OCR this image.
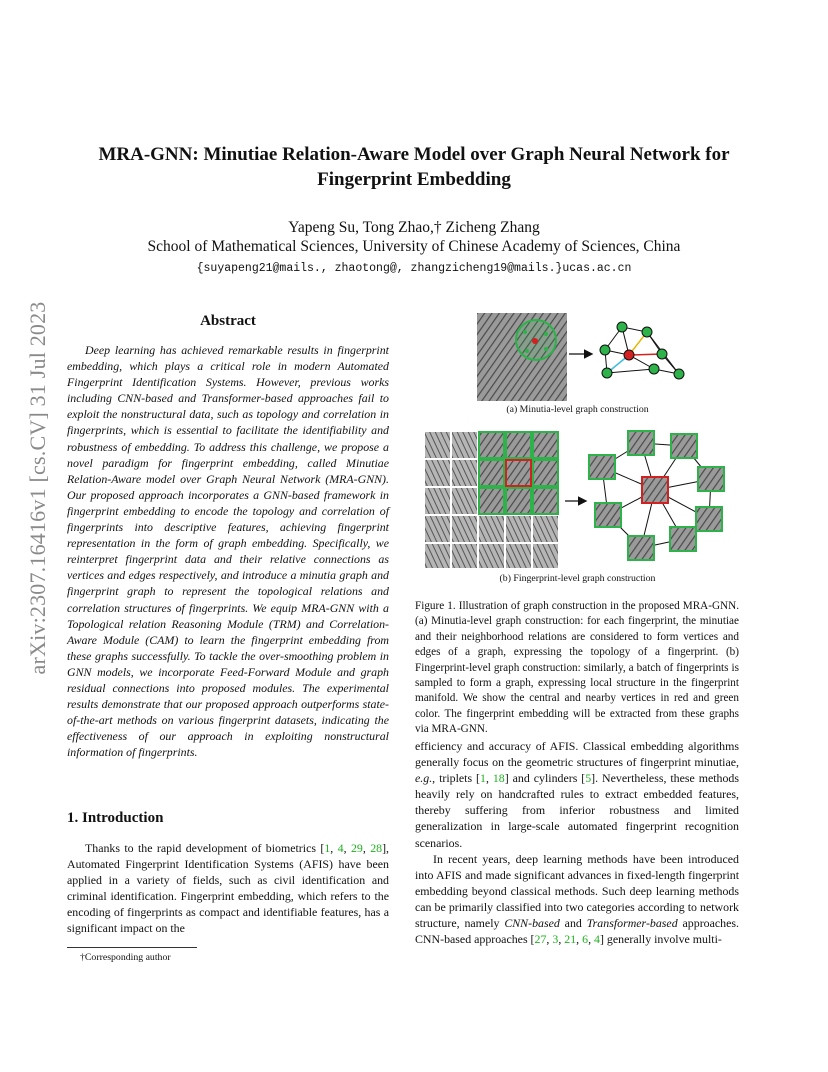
MRA-GNN: Minutiae Relation-Aware Model over Graph Neural Network for
Fingerprint Embedding
Yapeng Su, Tong Zhao,† Zicheng Zhang
School of Mathematical Sciences, University of Chinese Academy of Sciences, China
{suyapeng21@mails., zhaotong@, zhangzicheng19@mails.}ucas.ac.cn
arXiv:2307.16416v1 [cs.CV] 31 Jul 2023	Abstract

Deep learning has achieved remarkable results in fingerprint embedding, which plays a critical role in modern Automated Fingerprint Identification Systems. However, previous works including CNN-based and Transformer-based approaches fail to exploit the nonstructural data, such as topology and correlation in fingerprints, which is essential to facilitate the identifiability and robustness of embedding. To address this challenge, we propose a novel paradigm for fingerprint embedding, called Minutiae Relation-Aware model over Graph Neural Network (MRA-GNN). Our proposed approach incorporates a GNN-based framework in fingerprint embedding to encode the topology and correlation of fingerprints into descriptive features, achieving fingerprint representation in the form of graph embedding. Specifically, we reinterpret fingerprint data and their relative connections as vertices and edges respectively, and introduce a minutia graph and fingerprint graph to represent the topological relations and correlation structures of fingerprints. We equip MRA-GNN with a Topological relation Reasoning Module (TRM) and Correlation-Aware Module (CAM) to learn the fingerprint embedding from these graphs successfully. To tackle the over-smoothing problem in GNN models, we incorporate Feed-Forward Module and graph residual connections into proposed modules. The experimental results demonstrate that our proposed approach outperforms state-of-the-art methods on various fingerprint datasets, indicating the effectiveness of our approach in exploiting nonstructural information of fingerprints.

1. Introduction

Thanks to the rapid development of biometrics [1, 4, 29, 28], Automated Fingerprint Identification Systems (AFIS) have been applied in a variety of fields, such as civil identification and criminal identification. Fingerprint embedding, which refers to the encoding of fingerprints as compact and identifiable features, has a significant impact on the

†Corresponding author
(a) Minutia-level graph construction
(b) Fingerprint-level graph construction

Figure 1. Illustration of graph construction in the proposed MRA-GNN. (a) Minutia-level graph construction: for each fingerprint, the minutiae and their neighborhood relations are considered to form vertices and edges of a graph, expressing the topology of a fingerprint. (b) Fingerprint-level graph construction: similarly, a batch of fingerprints is sampled to form a graph, expressing local structure in the fingerprint manifold. We show the central and nearby vertices in red and green color. The fingerprint embedding will be extracted from these graphs via MRA-GNN.

efficiency and accuracy of AFIS. Classical embedding algorithms generally focus on the geometric structures of fingerprint minutiae, e.g., triplets [1, 18] and cylinders [5]. Nevertheless, these methods heavily rely on handcrafted rules to extract embedded features, thereby suffering from inferior robustness and limited generalization in large-scale automated fingerprint recognition scenarios.

In recent years, deep learning methods have been introduced into AFIS and made significant advances in fixed-length fingerprint embedding beyond classical methods. Such deep learning methods can be primarily classified into two categories according to network structure, namely CNN-based and Transformer-based approaches. CNN-based approaches [27, 3, 21, 6, 4] generally involve multi-
